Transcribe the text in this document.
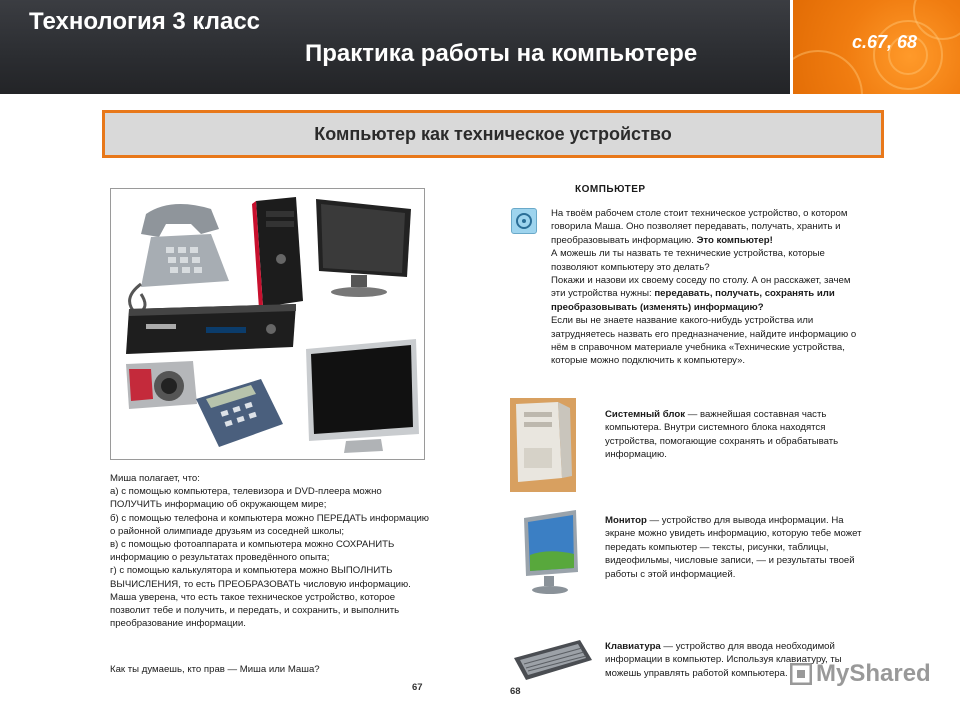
Технология 3 класс
Практика работы на компьютере	с.67, 68
Компьютер как техническое устройство
67

Миша полагает, что:

а) с помощью компьютера, телевизора и DVD-плеера можно ПОЛУЧИТЬ информацию об окружающем мире;

б) с помощью телефона и компьютера можно ПЕРЕДАТЬ информацию о районной олимпиаде друзьям из соседней школы;

в) с помощью фотоаппарата и компьютера можно СОХРАНИТЬ информацию о результатах проведённого опыта;

г) с помощью калькулятора и компьютера можно ВЫПОЛНИТЬ ВЫЧИСЛЕНИЯ, то есть ПРЕОБРАЗОВАТЬ числовую информацию.

Маша уверена, что есть такое техническое устройство, которое позволит тебе и получить, и передать, и сохранить, и выполнить преобразование информации.

Как ты думаешь, кто прав — Миша или Маша?
КОМПЬЮТЕР
На твоём рабочем столе стоит техническое устройство, о котором говорила Маша. Оно позволяет передавать, получать, хранить и преобразовывать информацию. Это компьютер!
А можешь ли ты назвать те технические устройства, которые позволяют компьютеру это делать?
Покажи и назови их своему соседу по столу. А он расскажет, зачем эти устройства нужны: передавать, получать, сохранять или преобразовывать (изменять) информацию?
Если вы не знаете название какого-нибудь устройства или затрудняетесь назвать его предназначение, найдите информацию о нём в справочном материале учебника «Технические устройства, которые можно подключить к компьютеру».
Системный блок — важнейшая составная часть компьютера. Внутри системного блока находятся устройства, помогающие сохранять и обрабатывать информацию.
Монитор — устройство для вывода информации. На экране можно увидеть информацию, которую тебе может передать компьютер — тексты, рисунки, таблицы, видеофильмы, числовые записи, — и результаты твоей работы с этой информацией.
Клавиатура — устройство для ввода необходимой информации в компьютер. Используя клавиатуру, ты можешь управлять работой компьютера.
68
MyShared
